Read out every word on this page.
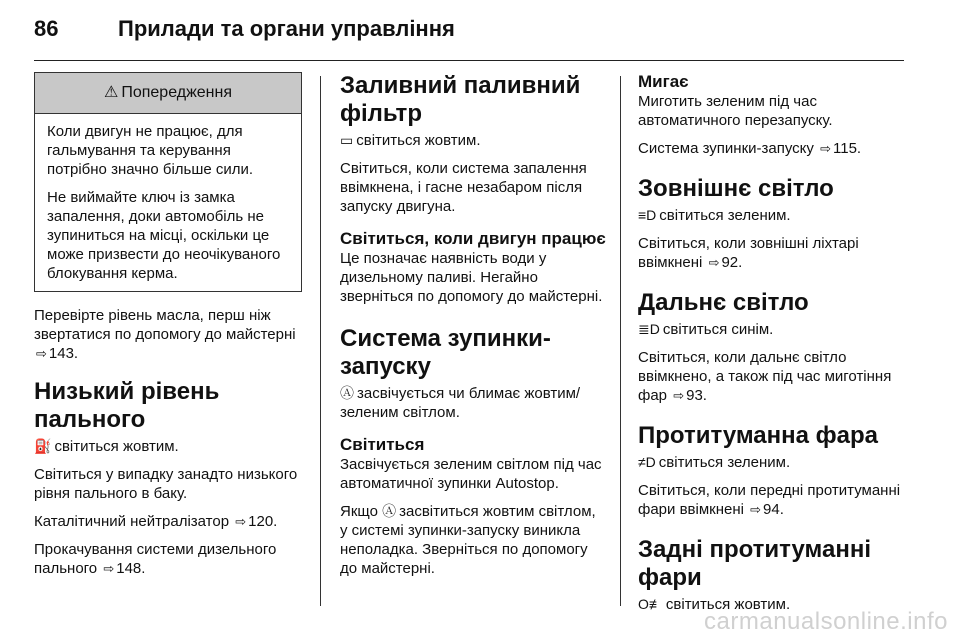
86	Прилади та органи управління
⚠ Попередження

Коли двигун не працює, для гальмування та керування потрібно значно більше сили.

Не виймайте ключ із замка запалення, доки автомобіль не зупиниться на місці, оскільки це може призвести до неочікуваного блокування керма.

Перевірте рівень масла, перш ніж звертатися по допомогу до майстерні ⇨ 143.

Низький рівень пального

⛽ світиться жовтим.

Світиться у випадку занадто низького рівня пального в баку.

Каталітичний нейтралізатор ⇨ 120.

Прокачування системи дизельного пального ⇨ 148.

Заливний паливний фільтр

▭ світиться жовтим.

Світиться, коли система запалення ввімкнена, і гасне незабаром після запуску двигуна.

Світиться, коли двигун працює

Це позначає наявність води у дизельному паливі. Негайно зверніться по допомогу до майстерні.

Система зупинки-запуску

Ⓐ засвічується чи блимає жовтим/зеленим світлом.

Світиться

Засвічується зеленим світлом під час автоматичної зупинки Autostop.

Якщо Ⓐ засвітиться жовтим світлом, у системі зупинки-запуску виникла неполадка. Зверніться по допомогу до майстерні.

Мигає

Миготить зеленим під час автоматичного перезапуску.

Система зупинки-запуску ⇨ 115.

Зовнішнє світло

≡D світиться зеленим.

Світиться, коли зовнішні ліхтарі ввімкнені ⇨ 92.

Дальнє світло

≣D світиться синім.

Світиться, коли дальнє світло ввімкнено, а також під час миготіння фар ⇨ 93.

Протитуманна фара

≠D світиться зеленим.

Світиться, коли передні протитуманні фари ввімкнені ⇨ 94.

Задні протитуманні фари

O≢ світиться жовтим.

carmanualsonline.info
